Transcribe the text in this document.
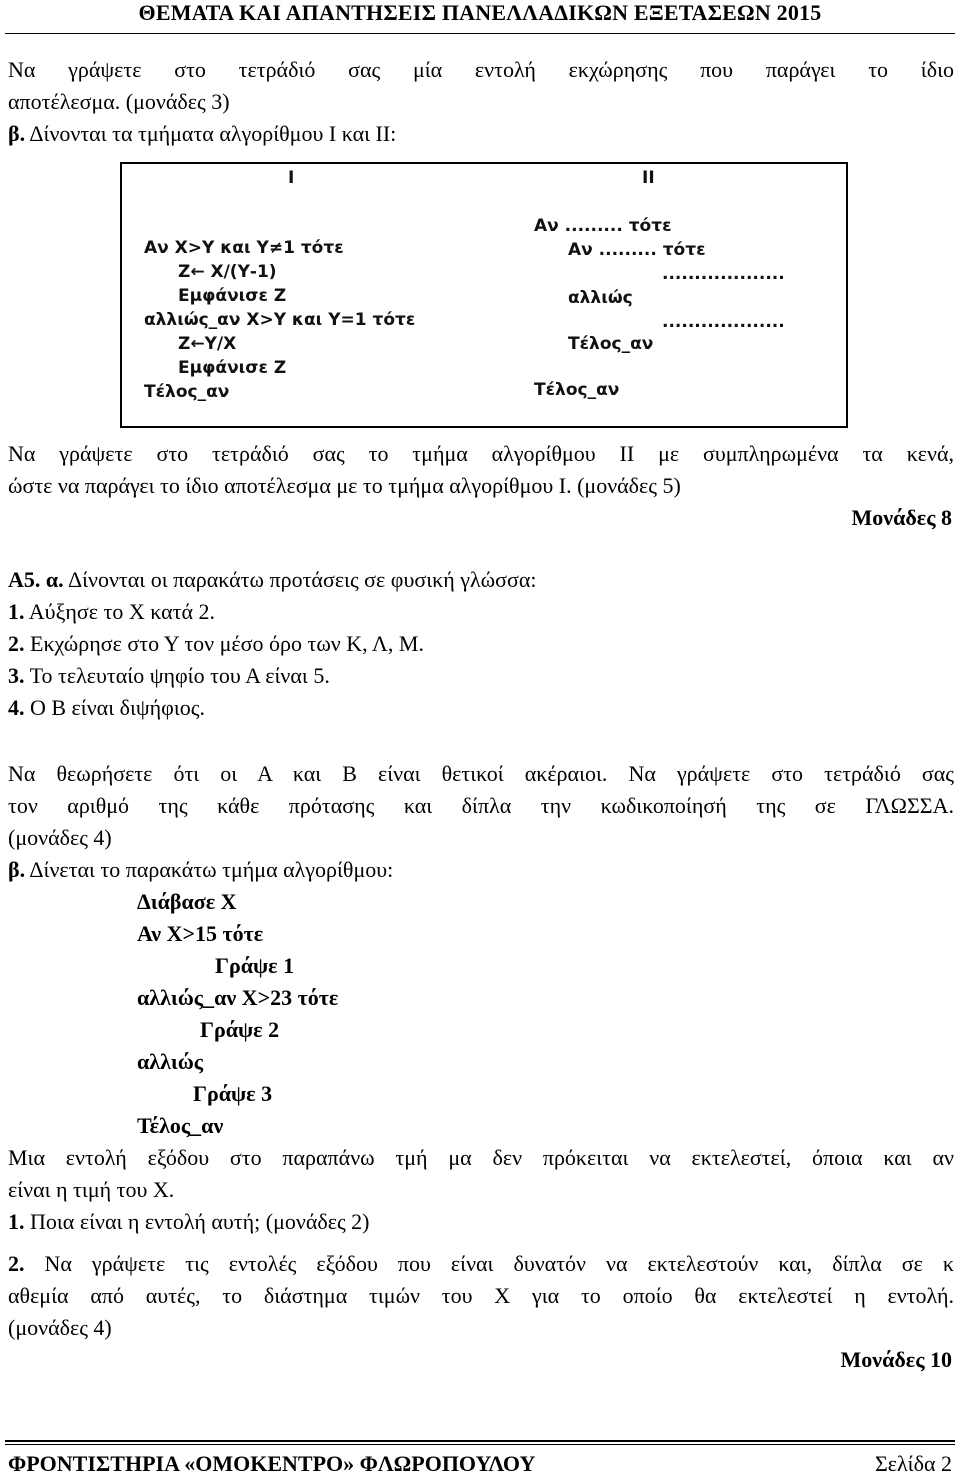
ΘΕΜΑΤΑ ΚΑΙ ΑΠΑΝΤΗΣΕΙΣ ΠΑΝΕΛΛΑΔΙΚΩΝ ΕΞΕΤΑΣΕΩΝ 2015
Να γράψετε στο τετράδιό σας μία εντολή εκχώρησης που παράγει το ίδιο
αποτέλεσμα. (μονάδες 3)
β. Δίνονται τα τμήματα αλγορίθμου Ι και ΙΙ:
Ι	ΙΙ
Αν Χ>Υ και Υ≠1 τότε
Ζ← Χ/(Υ-1)
Εμφάνισε Ζ
αλλιώς_αν Χ>Υ και Υ=1 τότε
Ζ←Υ/Χ
Εμφάνισε Ζ
Τέλος_αν
Αν ......... τότε
Αν ......... τότε
...................
αλλιώς
...................
Τέλος_αν
Τέλος_αν
Να γράψετε στο τετράδιό σας το τμήμα αλγορίθμου ΙΙ με συμπληρωμένα τα κενά,
ώστε να παράγει το ίδιο αποτέλεσμα με το τμήμα αλγορίθμου Ι. (μονάδες 5)
Μονάδες 8
Α5. α. Δίνονται οι παρακάτω προτάσεις σε φυσική γλώσσα:
1. Αύξησε το Χ κατά 2.
2. Εκχώρησε στο Υ τον μέσο όρο των Κ, Λ, Μ.
3. Το τελευταίο ψηφίο του Α είναι 5.
4. Ο Β είναι διψήφιος.
Να θεωρήσετε ότι οι Α και Β είναι θετικοί ακέραιοι. Να γράψετε στο τετράδιό σας
τον αριθμό της κάθε πρότασης και δίπλα την κωδικοποίησή της σε ΓΛΩΣΣΑ.
(μονάδες 4)
β. Δίνεται το παρακάτω τμήμα αλγορίθμου:
Διάβασε Χ
Αν Χ>15 τότε
Γράψε 1
αλλιώς_αν Χ>23 τότε
Γράψε 2
αλλιώς
Γράψε 3
Τέλος_αν
Μια εντολή εξόδου στο παραπάνω τμή μα δεν πρόκειται να εκτελεστεί, όποια και αν
είναι η τιμή του Χ.
1. Ποια είναι η εντολή αυτή; (μονάδες 2)
2. Να γράψετε τις εντολές εξόδου που είναι δυνατόν να εκτελεστούν και, δίπλα σε κ
αθεμία από αυτές, το διάστημα τιμών του Χ για το οποίο θα εκτελεστεί η εντολή.
(μονάδες 4)
Μονάδες 10
ΦΡΟΝΤΙΣΤΗΡΙΑ «ΟΜΟΚΕΝΤΡΟ» ΦΛΩΡΟΠΟΥΛΟΥ	Σελίδα 2
